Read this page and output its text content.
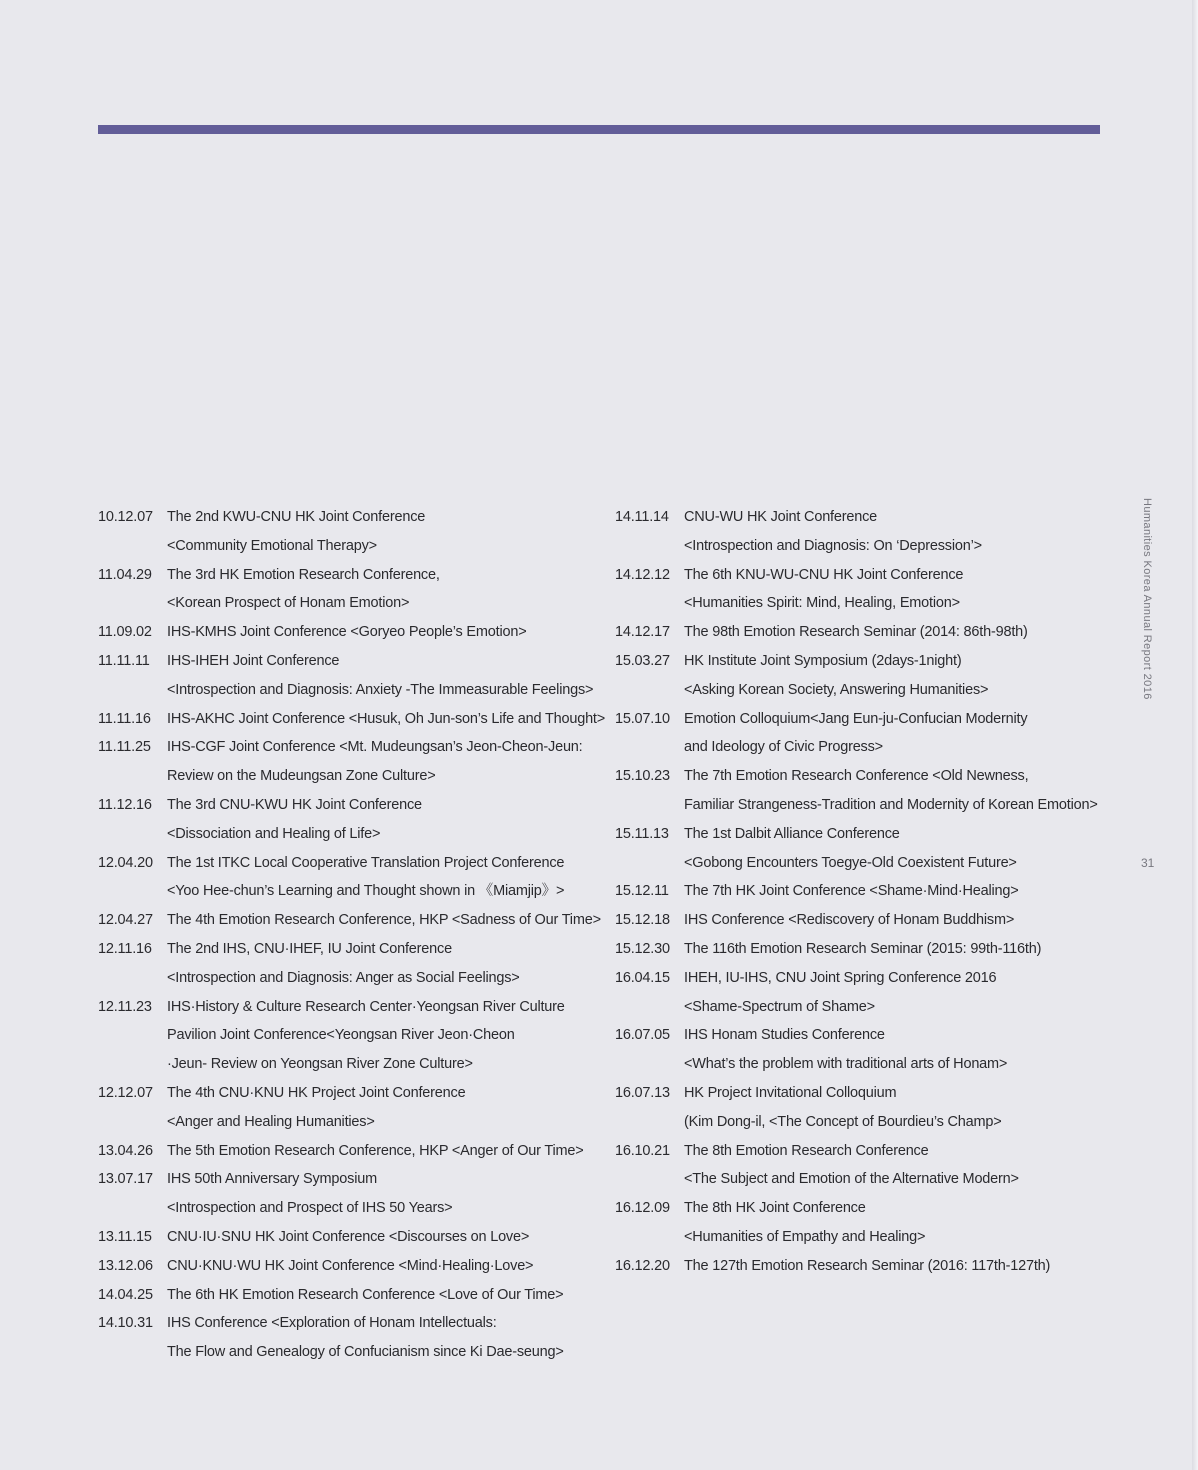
10.12.07 The 2nd KWU-CNU HK Joint Conference
<Community Emotional Therapy>
11.04.29	The 3rd HK Emotion Research Conference,
<Korean Prospect of Honam Emotion>
11.09.02	IHS-KMHS Joint Conference <Goryeo People’s Emotion>
11.11.11	IHS-IHEH Joint Conference
<Introspection and Diagnosis: Anxiety -The Immeasurable Feelings>
11.11.16	IHS-AKHC Joint Conference <Husuk, Oh Jun-son’s Life and Thought>
11.11.25	IHS-CGF Joint Conference <Mt. Mudeungsan’s Jeon-Cheon-Jeun:
Review on the Mudeungsan Zone Culture>
11.12.16	The 3rd CNU-KWU HK Joint Conference
<Dissociation and Healing of Life>
12.04.20 The 1st ITKC Local Cooperative Translation Project Conference
<Yoo Hee-chun’s Learning and Thought shown in 《Miamjip》>
12.04.27 The 4th Emotion Research Conference, HKP <Sadness of Our Time>
12.11.16	The 2nd IHS, CNU·IHEF, IU Joint Conference
<Introspection and Diagnosis: Anger as Social Feelings>
12.11.23	IHS·History & Culture Research Center·Yeongsan River Culture
Pavilion Joint Conference<Yeongsan River Jeon·Cheon
·Jeun- Review on Yeongsan River Zone Culture>
12.12.07 The 4th CNU·KNU HK Project Joint Conference
<Anger and Healing Humanities>
13.04.26 The 5th Emotion Research Conference, HKP <Anger of Our Time>
13.07.17 IHS 50th Anniversary Symposium
<Introspection and Prospect of IHS 50 Years>
13.11.15	CNU·IU·SNU HK Joint Conference <Discourses on Love>
13.12.06 CNU·KNU·WU HK Joint Conference <Mind·Healing·Love>
14.04.25 The 6th HK Emotion Research Conference <Love of Our Time>
14.10.31 IHS Conference <Exploration of Honam Intellectuals:
The Flow and Genealogy of Confucianism since Ki Dae-seung>
14.11.14	CNU-WU HK Joint Conference
<Introspection and Diagnosis: On ‘Depression’>
14.12.12 The 6th KNU-WU-CNU HK Joint Conference
<Humanities Spirit: Mind, Healing, Emotion>
14.12.17 The 98th Emotion Research Seminar (2014: 86th-98th)
15.03.27 HK Institute Joint Symposium (2days-1night)
<Asking Korean Society, Answering Humanities>
15.07.10 Emotion Colloquium<Jang Eun-ju-Confucian Modernity
and Ideology of Civic Progress>
15.10.23 The 7th Emotion Research Conference <Old Newness,
Familiar Strangeness-Tradition and Modernity of Korean Emotion>
15.11.13	The 1st Dalbit Alliance Conference
<Gobong Encounters Toegye-Old Coexistent Future>
15.12.11	The 7th HK Joint Conference <Shame·Mind·Healing>
15.12.18 IHS Conference <Rediscovery of Honam Buddhism>
15.12.30 The 116th Emotion Research Seminar (2015: 99th-116th)
16.04.15 IHEH, IU-IHS, CNU Joint Spring Conference 2016
<Shame-Spectrum of Shame>
16.07.05 IHS Honam Studies Conference
<What’s the problem with traditional arts of Honam>
16.07.13 HK Project Invitational Colloquium
(Kim Dong-il, <The Concept of Bourdieu’s Champ>
16.10.21 The 8th Emotion Research Conference
<The Subject and Emotion of the Alternative Modern>
16.12.09 The 8th HK Joint Conference
<Humanities of Empathy and Healing>
16.12.20 The 127th Emotion Research Seminar (2016: 117th-127th)
Humanities Korea Annual Report 2016
31
